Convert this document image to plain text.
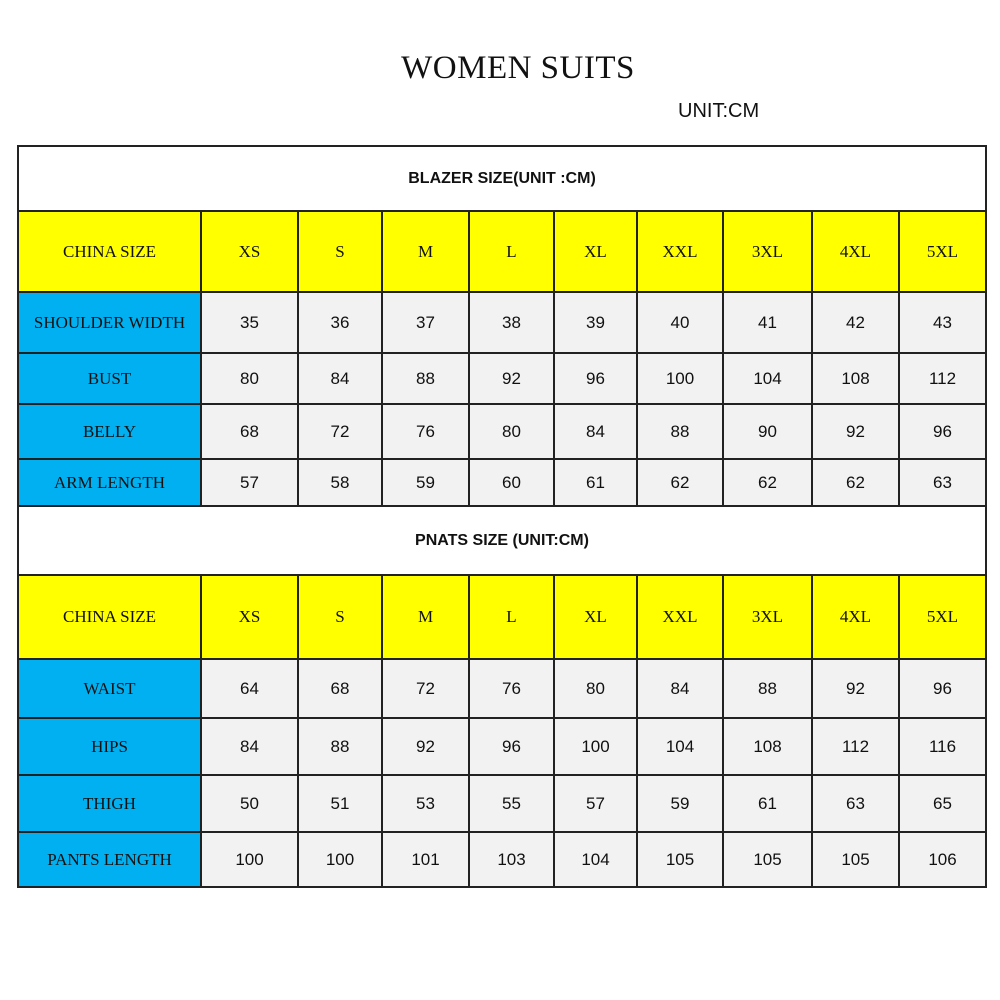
WOMEN SUITS
UNIT:CM
BLAZER SIZE(UNIT :CM)									
CHINA SIZE	XS	S	M	L	XL	XXL	3XL	4XL	5XL
SHOULDER WIDTH	35	36	37	38	39	40	41	42	43
BUST	80	84	88	92	96	100	104	108	112
BELLY	68	72	76	80	84	88	90	92	96
ARM LENGTH	57	58	59	60	61	62	62	62	63
PNATS SIZE (UNIT:CM)									
CHINA SIZE	XS	S	M	L	XL	XXL	3XL	4XL	5XL
WAIST	64	68	72	76	80	84	88	92	96
HIPS	84	88	92	96	100	104	108	112	116
THIGH	50	51	53	55	57	59	61	63	65
PANTS LENGTH	100	100	101	103	104	105	105	105	106
